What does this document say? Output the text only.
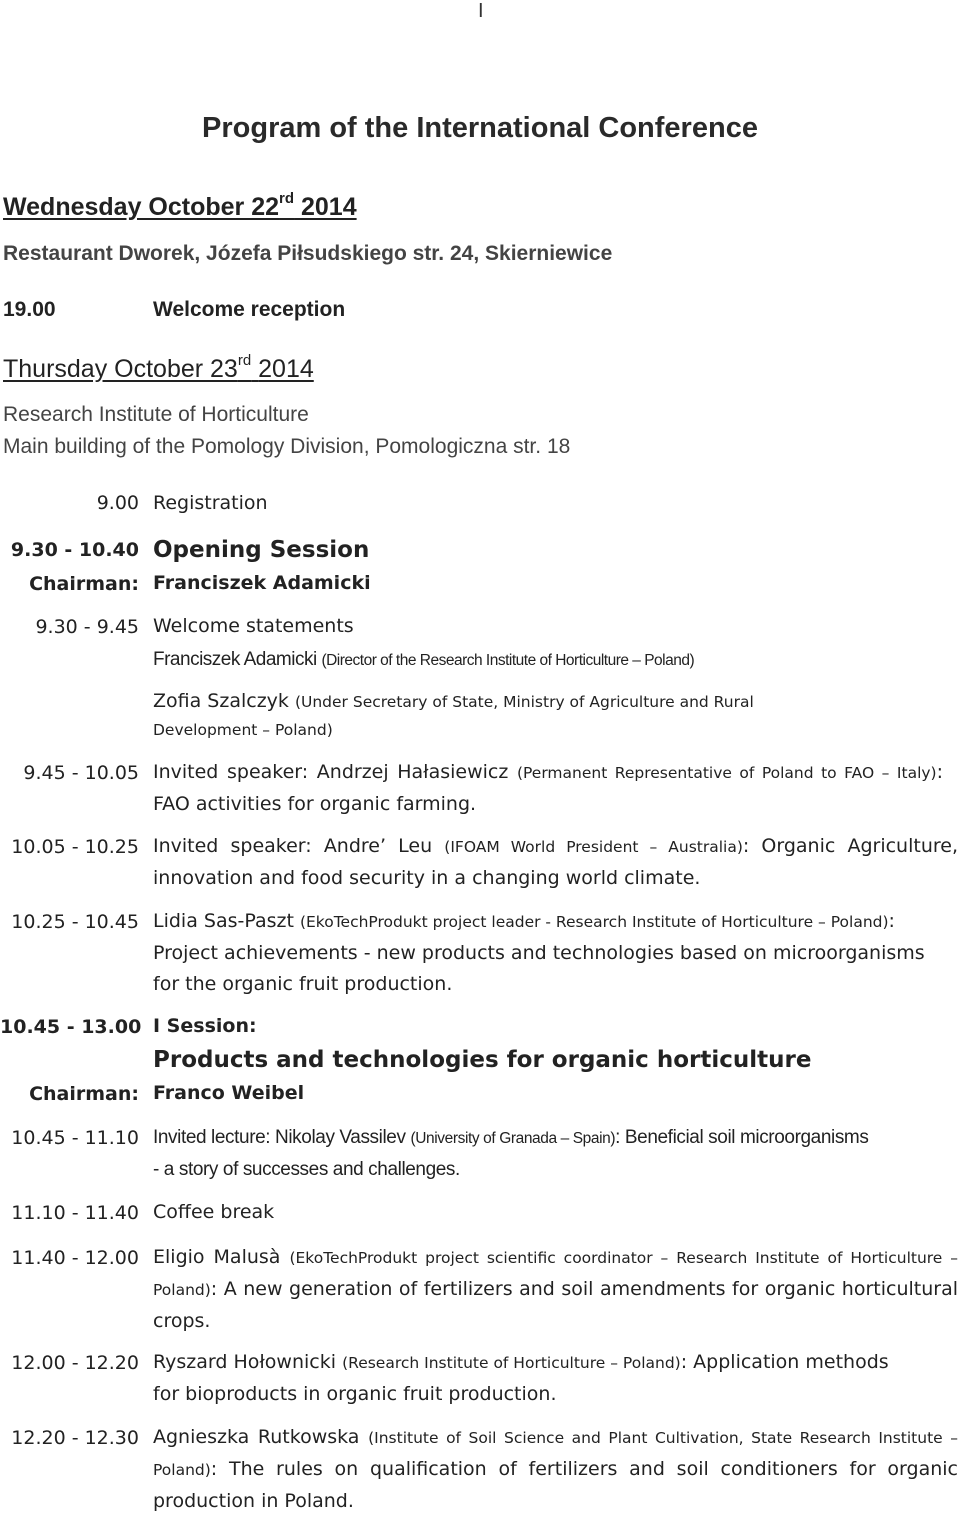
I
Program of the International Conference
Wednesday October 22rd 2014
Restaurant Dworek, Józefa Piłsudskiego str. 24, Skierniewice
19.00	Welcome reception
Thursday October 23rd 2014
Research Institute of Horticulture
Main building of the Pomology Division, Pomologiczna str. 18
9.00 Registration
9.30 - 10.40 Opening Session
Chairman: Franciszek Adamicki
9.30 - 9.45 Welcome statements
Franciszek Adamicki (Director of the Research Institute of Horticulture – Poland)
Zofia Szalczyk (Under Secretary of State, Ministry of Agriculture and Rural Development – Poland)
9.45 - 10.05 Invited speaker: Andrzej Hałasiewicz (Permanent Representative of Poland to FAO – Italy): FAO activities for organic farming.
10.05 - 10.25 Invited speaker: Andre’ Leu (IFOAM World President – Australia): Organic Agriculture, innovation and food security in a changing world climate.
10.25 - 10.45 Lidia Sas-Paszt (EkoTechProdukt project leader - Research Institute of Horticulture – Poland): Project achievements - new products and technologies based on microorganisms for the organic fruit production.
10.45 - 13.00 I Session:
Products and technologies for organic horticulture
Chairman: Franco Weibel
10.45 - 11.10 Invited lecture: Nikolay Vassilev (University of Granada – Spain): Beneficial soil microorganisms - a story of successes and challenges.
11.10 - 11.40 Coffee break
11.40 - 12.00 Eligio Malusà (EkoTechProdukt project scientific coordinator – Research Institute of Horticulture – Poland): A new generation of fertilizers and soil amendments for organic horticultural crops.
12.00 - 12.20 Ryszard Hołownicki (Research Institute of Horticulture – Poland): Application methods for bioproducts in organic fruit production.
12.20 - 12.30 Agnieszka Rutkowska (Institute of Soil Science and Plant Cultivation, State Research Institute – Poland): The rules on qualification of fertilizers and soil conditioners for organic production in Poland.
